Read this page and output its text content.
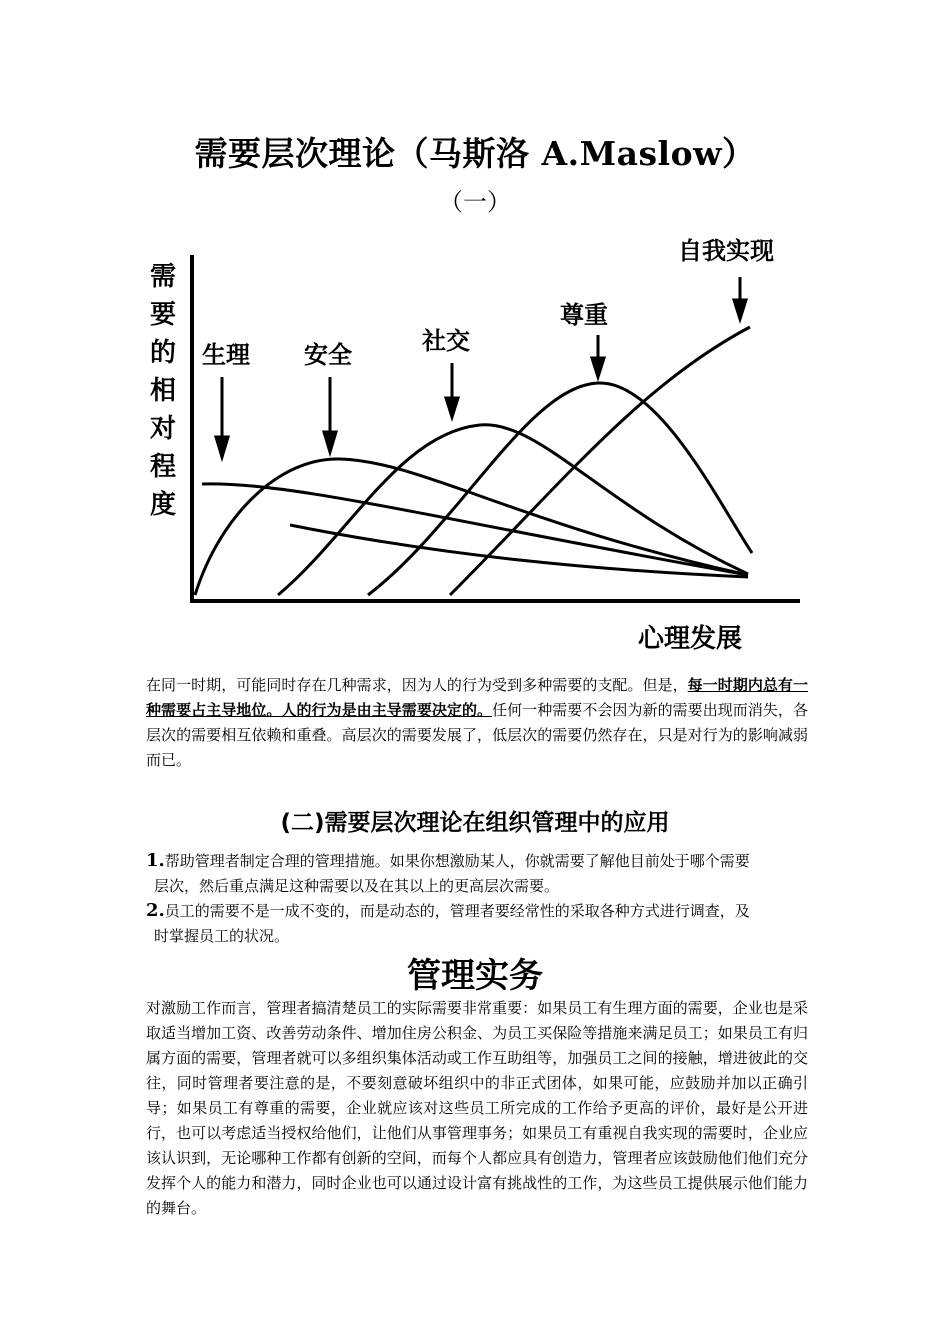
需要层次理论（马斯洛 A.Maslow）
（一）
需
要
的
相
对
程
度
生理 安全	社交
尊重
自我实现
心理发展
在同一时期，可能同时存在几种需求，因为人的行为受到多种需要的支配。但是，每一时期内总有一种需要占主导地位。人的行为是由主导需要决定的。任何一种需要不会因为新的需要出现而消失，各层次的需要相互依赖和重叠。高层次的需要发展了，低层次的需要仍然存在，只是对行为的影响减弱而已。
(二)需要层次理论在组织管理中的应用
1.帮助管理者制定合理的管理措施。如果你想激励某人，你就需要了解他目前处于哪个需要
层次，然后重点满足这种需要以及在其以上的更高层次需要。
2.员工的需要不是一成不变的，而是动态的，管理者要经常性的采取各种方式进行调查，及
时掌握员工的状况。
管理实务
对激励工作而言，管理者搞清楚员工的实际需要非常重要：如果员工有生理方面的需要，企业也是采取适当增加工资、改善劳动条件、增加住房公积金、为员工买保险等措施来满足员工；如果员工有归属方面的需要，管理者就可以多组织集体活动或工作互助组等，加强员工之间的接触，增进彼此的交往，同时管理者要注意的是，不要刻意破坏组织中的非正式团体，如果可能，应鼓励并加以正确引导；如果员工有尊重的需要，企业就应该对这些员工所完成的工作给予更高的评价，最好是公开进行，也可以考虑适当授权给他们，让他们从事管理事务；如果员工有重视自我实现的需要时，企业应该认识到，无论哪种工作都有创新的空间，而每个人都应具有创造力，管理者应该鼓励他们他们充分发挥个人的能力和潜力，同时企业也可以通过设计富有挑战性的工作，为这些员工提供展示他们能力的舞台。
